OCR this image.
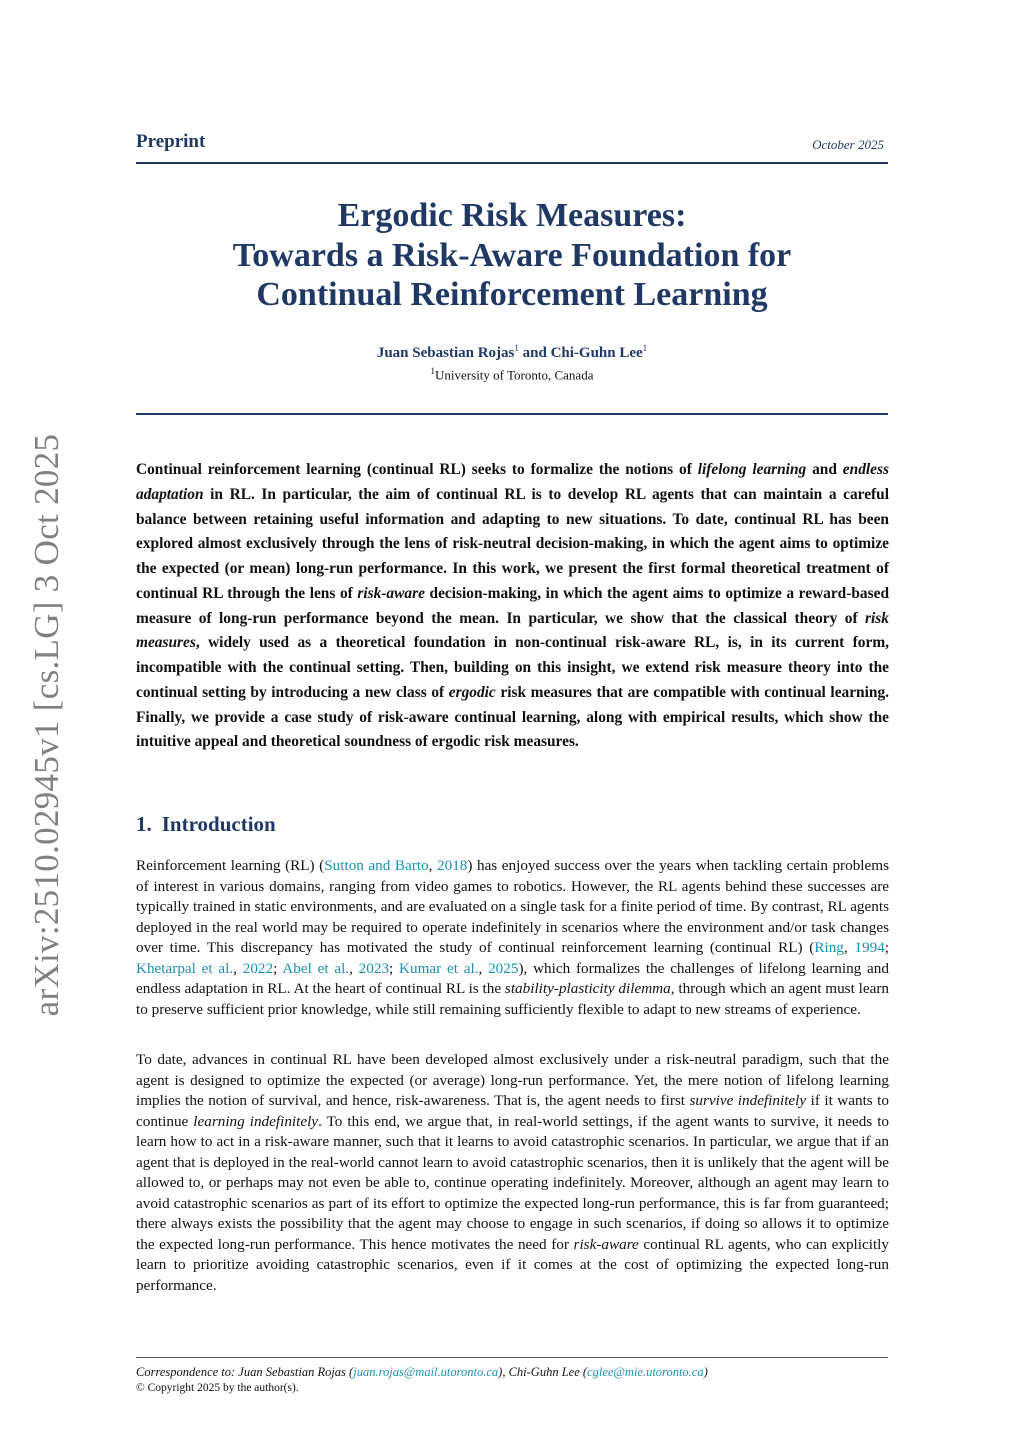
arXiv:2510.02945v1 [cs.LG] 3 Oct 2025
Preprint	October 2025
Ergodic Risk Measures:
Towards a Risk-Aware Foundation for
Continual Reinforcement Learning
Juan Sebastian Rojas$^1$ and Chi-Guhn Lee$^1$
$^1$University of Toronto, Canada
Continual reinforcement learning (continual RL) seeks to formalize the notions of lifelong learning and endless adaptation in RL. In particular, the aim of continual RL is to develop RL agents that can maintain a careful balance between retaining useful information and adapting to new situations. To date, continual RL has been explored almost exclusively through the lens of risk-neutral decision-making, in which the agent aims to optimize the expected (or mean) long-run performance. In this work, we present the first formal theoretical treatment of continual RL through the lens of risk-aware decision-making, in which the agent aims to optimize a reward-based measure of long-run performance beyond the mean. In particular, we show that the classical theory of risk measures, widely used as a theoretical foundation in non-continual risk-aware RL, is, in its current form, incompatible with the continual setting. Then, building on this insight, we extend risk measure theory into the continual setting by introducing a new class of ergodic risk measures that are compatible with continual learning. Finally, we provide a case study of risk-aware continual learning, along with empirical results, which show the intuitive appeal and theoretical soundness of ergodic risk measures.
1. Introduction
Reinforcement learning (RL) (Sutton and Barto, 2018) has enjoyed success over the years when tackling certain problems of interest in various domains, ranging from video games to robotics. However, the RL agents behind these successes are typically trained in static environments, and are evaluated on a single task for a finite period of time. By contrast, RL agents deployed in the real world may be required to operate indefinitely in scenarios where the environment and/or task changes over time. This discrepancy has motivated the study of continual reinforcement learning (continual RL) (Ring, 1994; Khetarpal et al., 2022; Abel et al., 2023; Kumar et al., 2025), which formalizes the challenges of lifelong learning and endless adaptation in RL. At the heart of continual RL is the stability-plasticity dilemma, through which an agent must learn to preserve sufficient prior knowledge, while still remaining sufficiently flexible to adapt to new streams of experience.
To date, advances in continual RL have been developed almost exclusively under a risk-neutral paradigm, such that the agent is designed to optimize the expected (or average) long-run performance. Yet, the mere notion of lifelong learning implies the notion of survival, and hence, risk-awareness. That is, the agent needs to first survive indefinitely if it wants to continue learning indefinitely. To this end, we argue that, in real-world settings, if the agent wants to survive, it needs to learn how to act in a risk-aware manner, such that it learns to avoid catastrophic scenarios. In particular, we argue that if an agent that is deployed in the real-world cannot learn to avoid catastrophic scenarios, then it is unlikely that the agent will be allowed to, or perhaps may not even be able to, continue operating indefinitely. Moreover, although an agent may learn to avoid catastrophic scenarios as part of its effort to optimize the expected long-run performance, this is far from guaranteed; there always exists the possibility that the agent may choose to engage in such scenarios, if doing so allows it to optimize the expected long-run performance. This hence motivates the need for risk-aware continual RL agents, who can explicitly learn to prioritize avoiding catastrophic scenarios, even if it comes at the cost of optimizing the expected long-run performance.
Correspondence to: Juan Sebastian Rojas (juan.rojas@mail.utoronto.ca), Chi-Guhn Lee (cglee@mie.utoronto.ca)
© Copyright 2025 by the author(s).
